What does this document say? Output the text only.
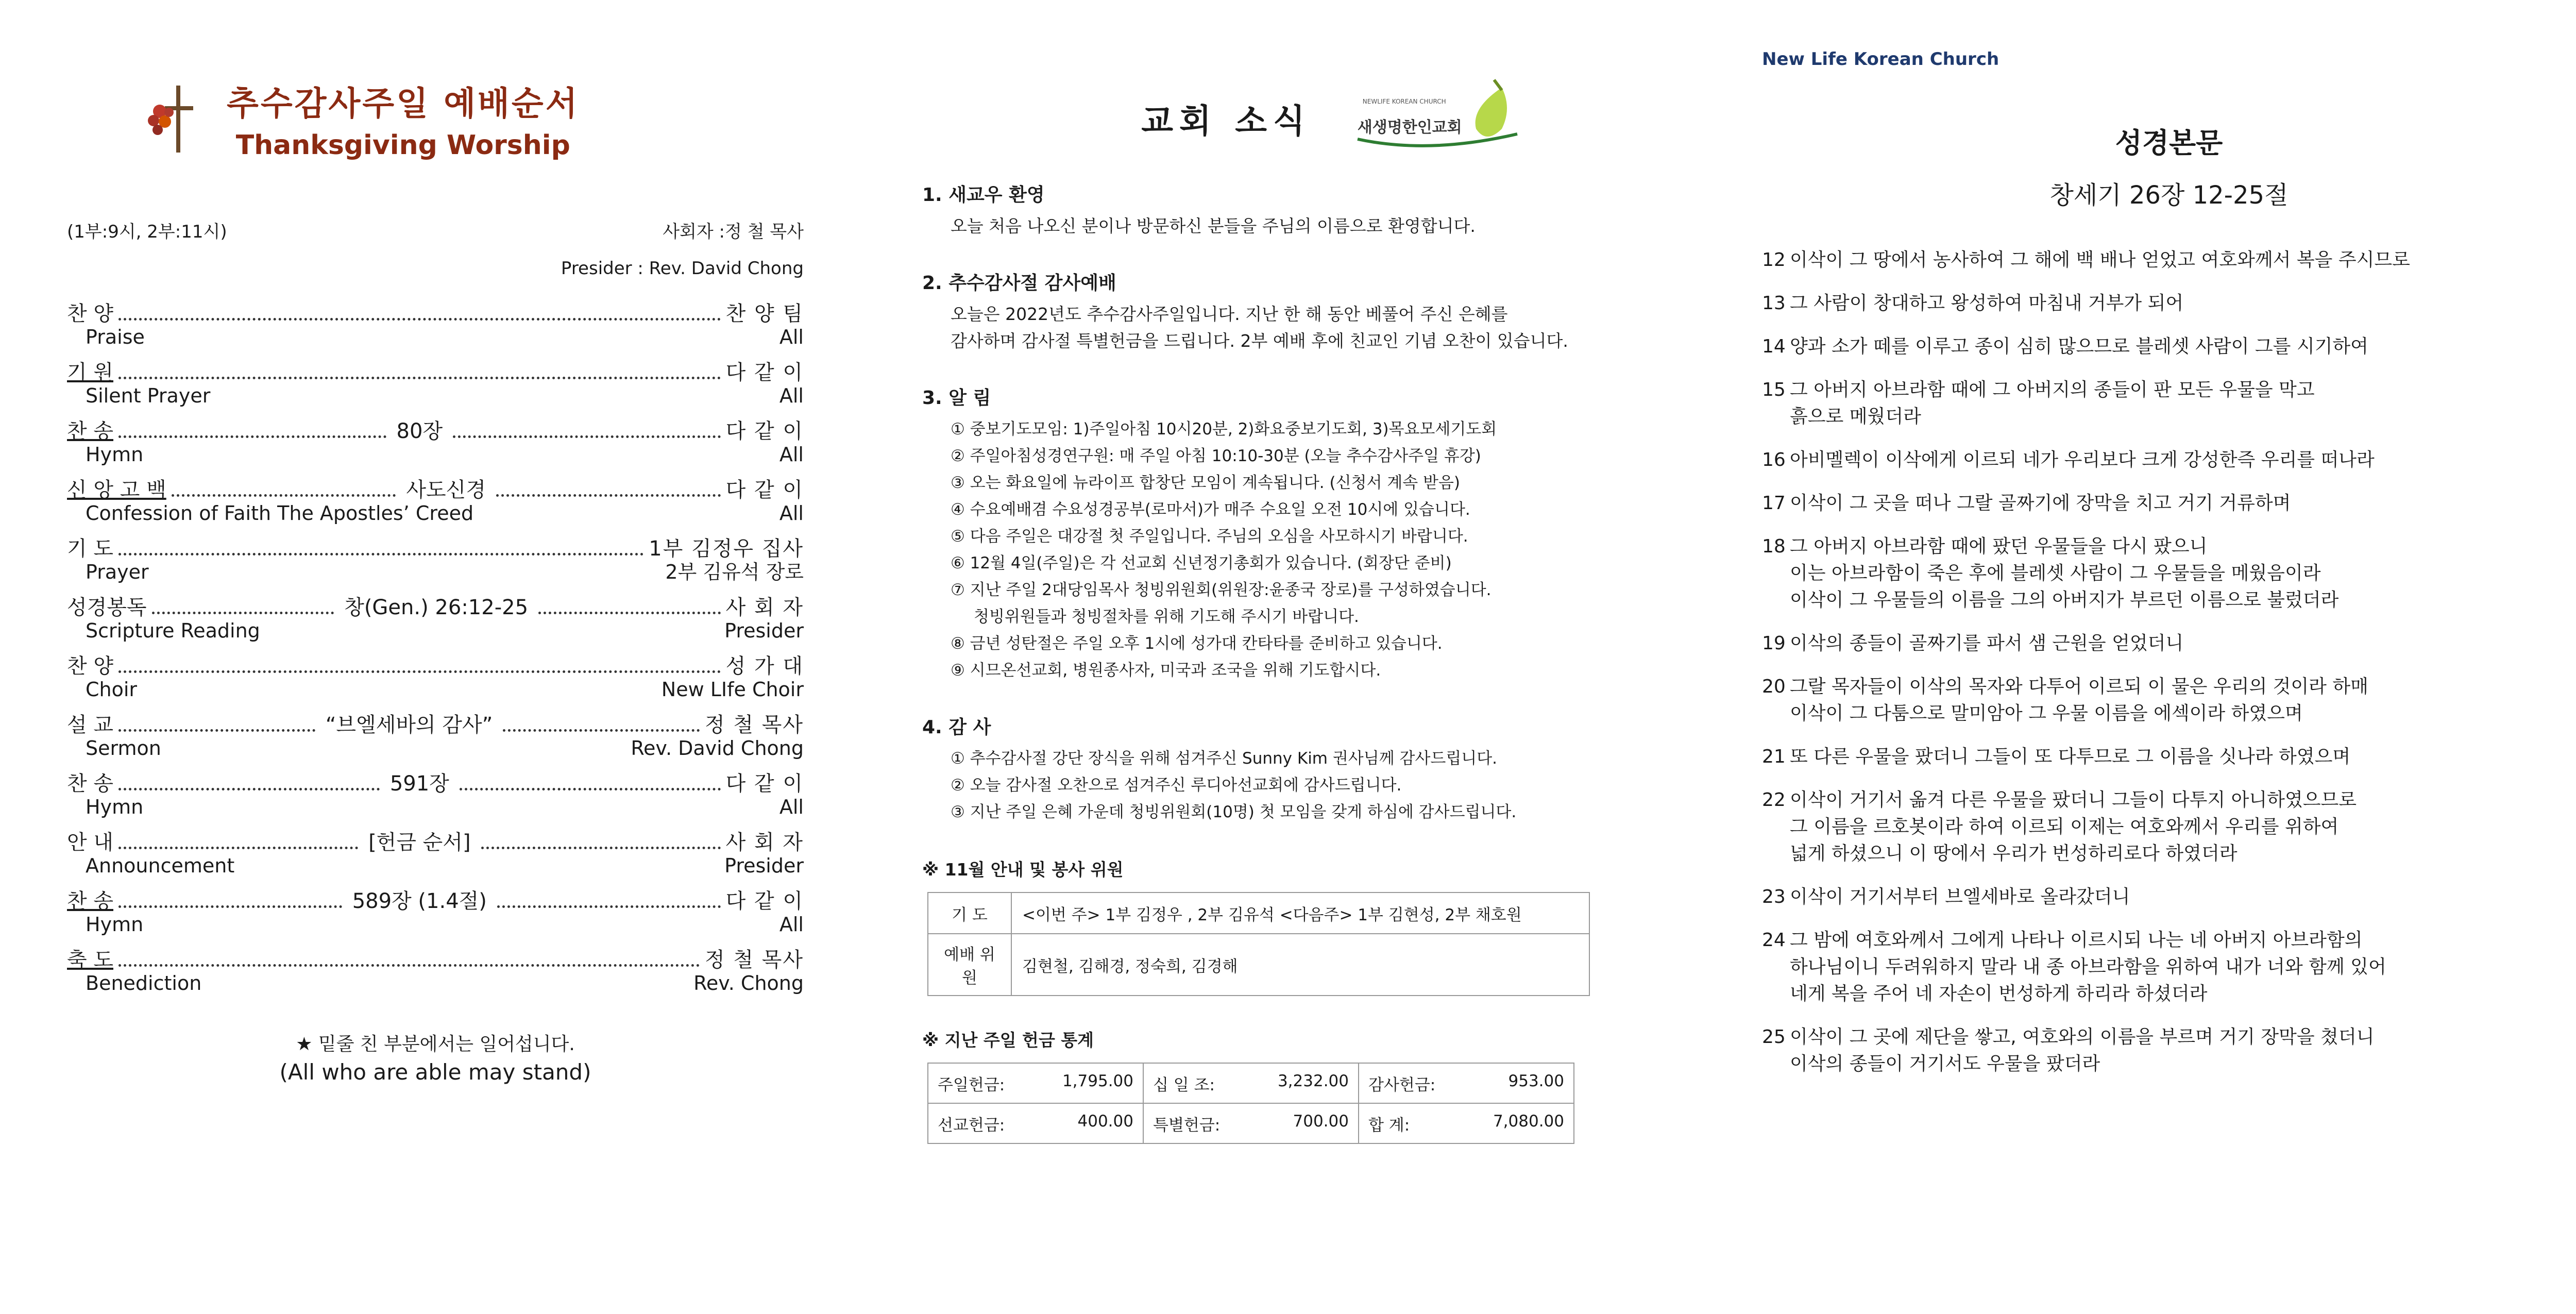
추수감사주일 예배순서
Thanksgiving Worship
(1부:9시, 2부:11시)	사회자 :정 철 목사
Presider : Rev. David Chong
찬 양	찬 양 팀
Praise	All
기 원	다 같 이
Silent Prayer	All
찬 송	80장	다 같 이
Hymn	All
신 앙 고 백	사도신경	다 같 이
Confession of Faith The Apostles’ Creed	All
기 도	1부 김정우 집사
Prayer	2부 김유석 장로
성경봉독	창(Gen.) 26:12-25	사 회 자
Scripture Reading	Presider
찬 양	성 가 대
Choir	New LIfe Choir
설 교	“브엘세바의 감사”	정 철 목사
Sermon	Rev. David Chong
찬 송	591장	다 같 이
Hymn	All
안 내	[헌금 순서]	사 회 자
Announcement	Presider
찬 송	589장 (1.4절)	다 같 이
Hymn	All
축 도	정 철 목사
Benediction	Rev. Chong
★ 밑줄 친 부분에서는 일어섭니다.
(All who are able may stand)
교회 소식	새생명한인교회
NEWLIFE KOREAN CHURCH
1. 새교우 환영
오늘 처음 나오신 분이나 방문하신 분들을 주님의 이름으로 환영합니다.
2. 추수감사절 감사예배
오늘은 2022년도 추수감사주일입니다. 지난 한 해 동안 베풀어 주신 은혜를
감사하며 감사절 특별헌금을 드립니다. 2부 예배 후에 친교인 기념 오찬이 있습니다.
3. 알 림
① 중보기도모임: 1)주일아침 10시20분, 2)화요중보기도회, 3)목요모세기도회
② 주일아침성경연구원: 매 주일 아침 10:10-30분 (오늘 추수감사주일 휴강)
③ 오는 화요일에 뉴라이프 합창단 모임이 계속됩니다. (신청서 계속 받음)
④ 수요예배겸 수요성경공부(로마서)가 매주 수요일 오전 10시에 있습니다.
⑤ 다음 주일은 대강절 첫 주일입니다. 주님의 오심을 사모하시기 바랍니다.
⑥ 12월 4일(주일)은 각 선교회 신년정기총회가 있습니다. (회장단 준비)
⑦ 지난 주일 2대당임목사 청빙위원회(위원장:윤종국 장로)를 구성하였습니다.
청빙위원들과 청빙절차를 위해 기도해 주시기 바랍니다.
⑧ 금년 성탄절은 주일 오후 1시에 성가대 칸타타를 준비하고 있습니다.
⑨ 시므온선교회, 병원종사자, 미국과 조국을 위해 기도합시다.
4. 감 사
① 추수감사절 강단 장식을 위해 섬겨주신 Sunny Kim 권사님께 감사드립니다.
② 오늘 감사절 오찬으로 섬겨주신 루디아선교회에 감사드립니다.
③ 지난 주일 은혜 가운데 청빙위원회(10명) 첫 모임을 갖게 하심에 감사드립니다.
※ 11월 안내 및 봉사 위원
기 도	<이번 주> 1부 김정우 , 2부 김유석 <다음주> 1부 김현성, 2부 채호원
예배 위원	김현철, 김해경, 정숙희, 김경해
※ 지난 주일 헌금 통계
주일헌금: 1,795.00	십 일 조: 3,232.00	감사헌금: 953.00

선교헌금: 400.00	특별헌금: 700.00	합 계: 7,080.00
New Life Korean Church
성경본문
창세기 26장 12-25절
12 이삭이 그 땅에서 농사하여 그 해에 백 배나 얻었고 여호와께서 복을 주시므로
13 그 사람이 창대하고 왕성하여 마침내 거부가 되어
14 양과 소가 떼를 이루고 종이 심히 많으므로 블레셋 사람이 그를 시기하여
15 그 아버지 아브라함 때에 그 아버지의 종들이 판 모든 우물을 막고
흙으로 메웠더라
16 아비멜렉이 이삭에게 이르되 네가 우리보다 크게 강성한즉 우리를 떠나라
17 이삭이 그 곳을 떠나 그랄 골짜기에 장막을 치고 거기 거류하며
18 그 아버지 아브라함 때에 팠던 우물들을 다시 팠으니
이는 아브라함이 죽은 후에 블레셋 사람이 그 우물들을 메웠음이라
이삭이 그 우물들의 이름을 그의 아버지가 부르던 이름으로 불렀더라
19 이삭의 종들이 골짜기를 파서 샘 근원을 얻었더니
20 그랄 목자들이 이삭의 목자와 다투어 이르되 이 물은 우리의 것이라 하매
이삭이 그 다툼으로 말미암아 그 우물 이름을 에섹이라 하였으며
21 또 다른 우물을 팠더니 그들이 또 다투므로 그 이름을 싯나라 하였으며
22 이삭이 거기서 옮겨 다른 우물을 팠더니 그들이 다투지 아니하였으므로
그 이름을 르호봇이라 하여 이르되 이제는 여호와께서 우리를 위하여
넓게 하셨으니 이 땅에서 우리가 번성하리로다 하였더라
23 이삭이 거기서부터 브엘세바로 올라갔더니
24 그 밤에 여호와께서 그에게 나타나 이르시되 나는 네 아버지 아브라함의
하나님이니 두려워하지 말라 내 종 아브라함을 위하여 내가 너와 함께 있어
네게 복을 주어 네 자손이 번성하게 하리라 하셨더라
25 이삭이 그 곳에 제단을 쌓고, 여호와의 이름을 부르며 거기 장막을 쳤더니
이삭의 종들이 거기서도 우물을 팠더라
